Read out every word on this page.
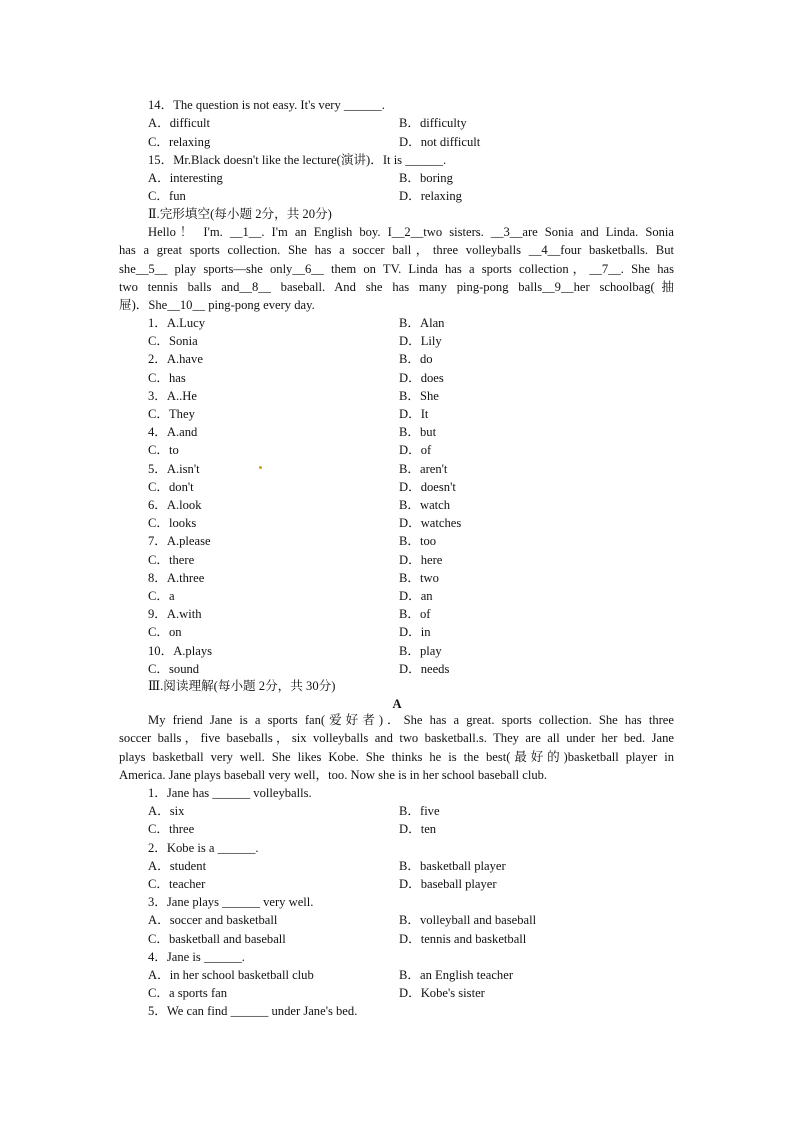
14．The question is not easy. It's very ______.
A．difficult	B．difficulty
C．relaxing	D．not difficult
15．Mr.Black doesn't like the lecture(演讲)．It is ______.
A．interesting	B．boring
C．fun	D．relaxing
Ⅱ.完形填空(每小题 2分，共 20分)
Hello！ I'm. __1__. I'm an English boy. I__2__two sisters. __3__are Sonia and Linda. Sonia
has a great sports collection. She has a soccer ball，three volleyballs __4__four basketballs. But
she__5__ play sports—she only__6__ them on TV. Linda has a sports collection，__7__. She has
two tennis balls and__8__ baseball. And she has many ping-pong balls__9__her schoolbag(抽
屉)．She__10__ ping-pong every day.
1．A.Lucy	B．Alan
C．Sonia	D．Lily
2．A.have	B．do
C．has	D．does
3．A..He	B．She
C．They	D．It
4．A.and	B．but
C．to	D．of
5．A.isn't	B．aren't
C．don't	D．doesn't
6．A.look	B．watch
C．looks	D．watches
7．A.please	B．too
C．there	D．here
8．A.three	B．two
C．a	D．an
9．A.with	B．of
C．on	D．in
10．A.plays	B．play
C．sound	D．needs
Ⅲ.阅读理解(每小题 2分，共 30分)
A
My friend Jane is a sports fan(爱好者)．She has a great. sports collection. She has three
soccer balls，five baseballs，six volleyballs and two basketball.s. They are all under her bed. Jane
plays basketball very well. She likes Kobe. She thinks he is the best(最好的)basketball player in
America. Jane plays baseball very well，too. Now she is in her school baseball club.
1．Jane has ______ volleyballs.
A．six	B．five
C．three	D．ten
2．Kobe is a ______.
A．student	B．basketball player
C．teacher	D．baseball player
3．Jane plays ______ very well.
A．soccer and basketball	B．volleyball and baseball
C．basketball and baseball	D．tennis and basketball
4．Jane is ______.
A．in her school basketball club	B．an English teacher
C．a sports fan	D．Kobe's sister
5．We can find ______ under Jane's bed.
